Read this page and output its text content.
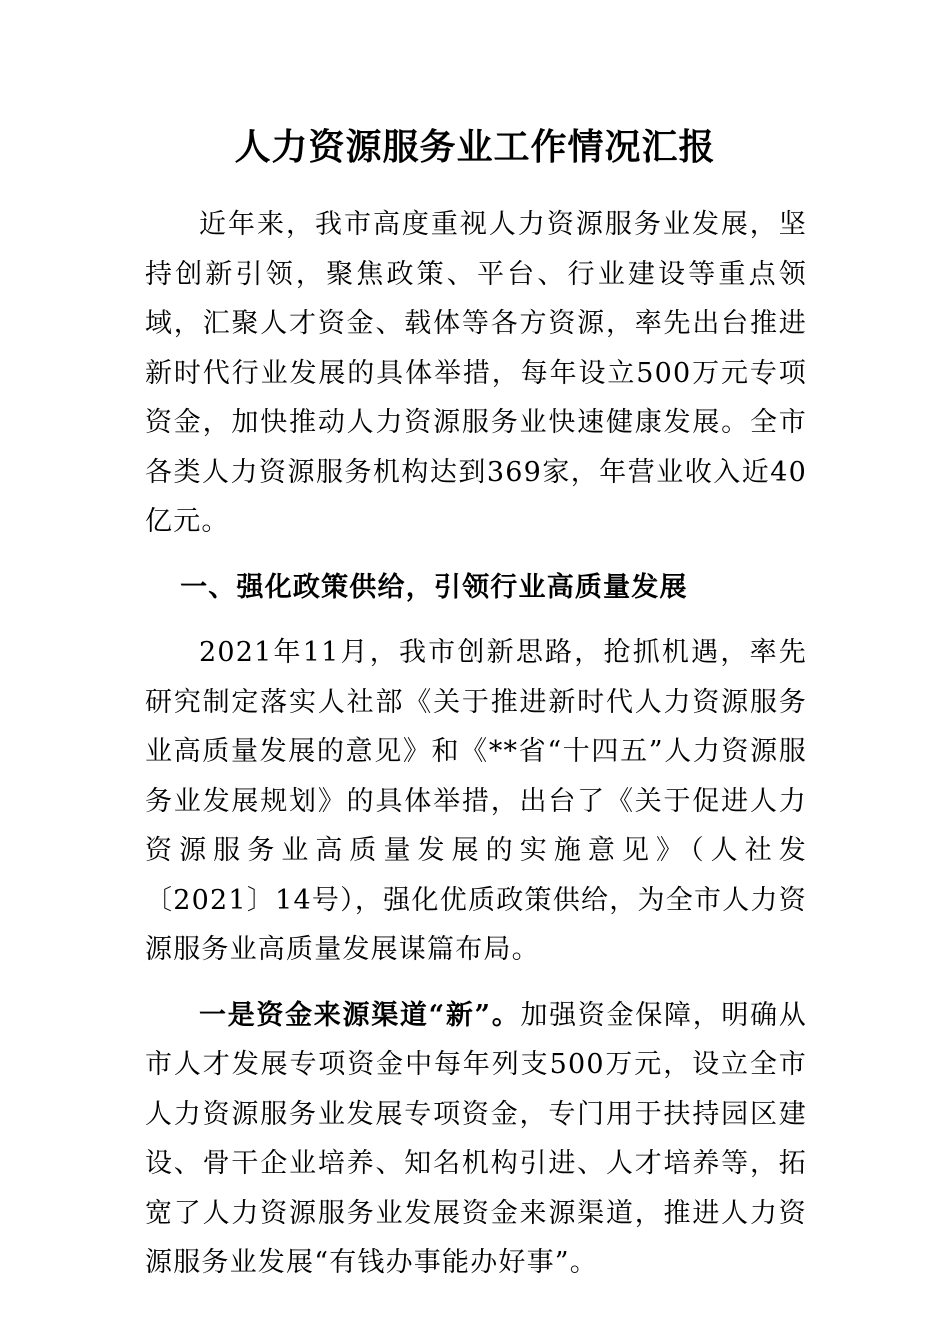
人力资源服务业工作情况汇报

近年来，我市高度重视人力资源服务业发展，坚持创新引领，聚焦政策、平台、行业建设等重点领域，汇聚人才资金、载体等各方资源，率先出台推进新时代行业发展的具体举措，每年设立500万元专项资金，加快推动人力资源服务业快速健康发展。全市各类人力资源服务机构达到369家，年营业收入近40亿元。

一、强化政策供给，引领行业高质量发展

2021年11月，我市创新思路，抢抓机遇，率先研究制定落实人社部《关于推进新时代人力资源服务业高质量发展的意见》和《**省“十四五”人力资源服务业发展规划》的具体举措，出台了《关于促进人力资源服务业高质量发展的实施意见》（人社发〔2021〕14号），强化优质政策供给，为全市人力资源服务业高质量发展谋篇布局。

一是资金来源渠道“新”。加强资金保障，明确从市人才发展专项资金中每年列支500万元，设立全市人力资源服务业发展专项资金，专门用于扶持园区建设、骨干企业培养、知名机构引进、人才培养等，拓宽了人力资源服务业发展资金来源渠道，推进人力资源服务业发展“有钱办事能办好事”。
